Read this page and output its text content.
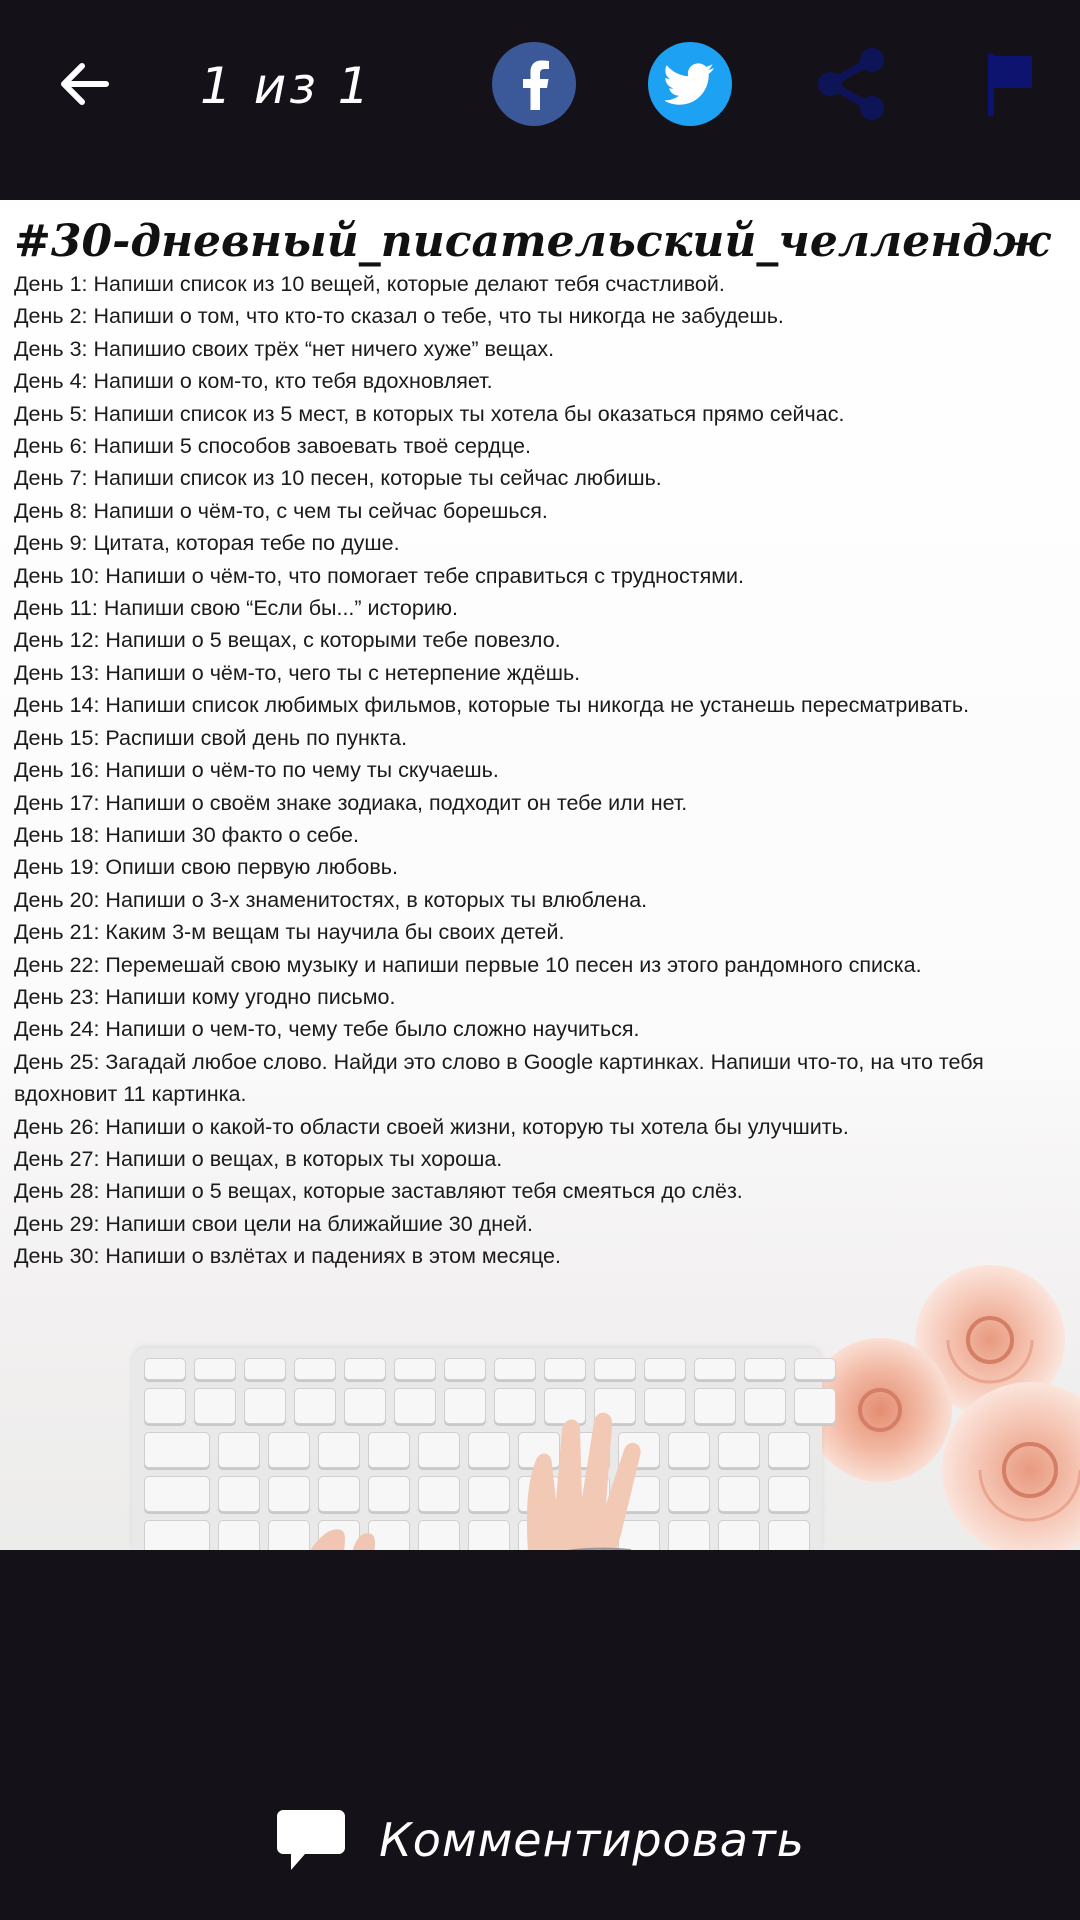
1 из 1
#30-дневный_писательский_челлендж
День 1: Напиши список из 10 вещей, которые делают тебя счастливой.
День 2: Напиши о том, что кто-то сказал о тебе, что ты никогда не забудешь.
День 3: Напишио своих трёх “нет ничего хуже” вещах.
День 4: Напиши о ком-то, кто тебя вдохновляет.
День 5: Напиши список из 5 мест, в которых ты хотела бы оказаться прямо сейчас.
День 6: Напиши 5 способов завоевать твоё сердце.
День 7: Напиши список из 10 песен, которые ты сейчас любишь.
День 8: Напиши о чём-то, с чем ты сейчас борешься.
День 9: Цитата, которая тебе по душе.
День 10: Напиши о чём-то, что помогает тебе справиться с трудностями.
День 11: Напиши свою “Если бы...” историю.
День 12: Напиши о 5 вещах, с которыми тебе повезло.
День 13: Напиши о чём-то, чего ты с нетерпение ждёшь.
День 14: Напиши список любимых фильмов, которые ты никогда не устанешь пересматривать.
День 15: Распиши свой день по пункта.
День 16: Напиши о чём-то по чему ты скучаешь.
День 17: Напиши о своём знаке зодиака, подходит он тебе или нет.
День 18: Напиши 30 факто о себе.
День 19: Опиши свою первую любовь.
День 20: Напиши о 3-х знаменитостях, в которых ты влюблена.
День 21: Каким 3-м вещам ты научила бы своих детей.
День 22: Перемешай свою музыку и напиши первые 10 песен из этого рандомного списка.
День 23: Напиши кому угодно письмо.
День 24: Напиши о чем-то, чему тебе было сложно научиться.
День 25: Загадай любое слово. Найди это слово в Google картинках. Напиши что-то, на что тебя вдохновит 11 картинка.
День 26: Напиши о какой-то области своей жизни, которую ты хотела бы улучшить.
День 27: Напиши о вещах, в которых ты хороша.
День 28: Напиши о 5 вещах, которые заставляют тебя смеяться до слёз.
День 29: Напиши свои цели на ближайшие 30 дней.
День 30: Напиши о взлётах и падениях в этом месяце.
Комментировать
